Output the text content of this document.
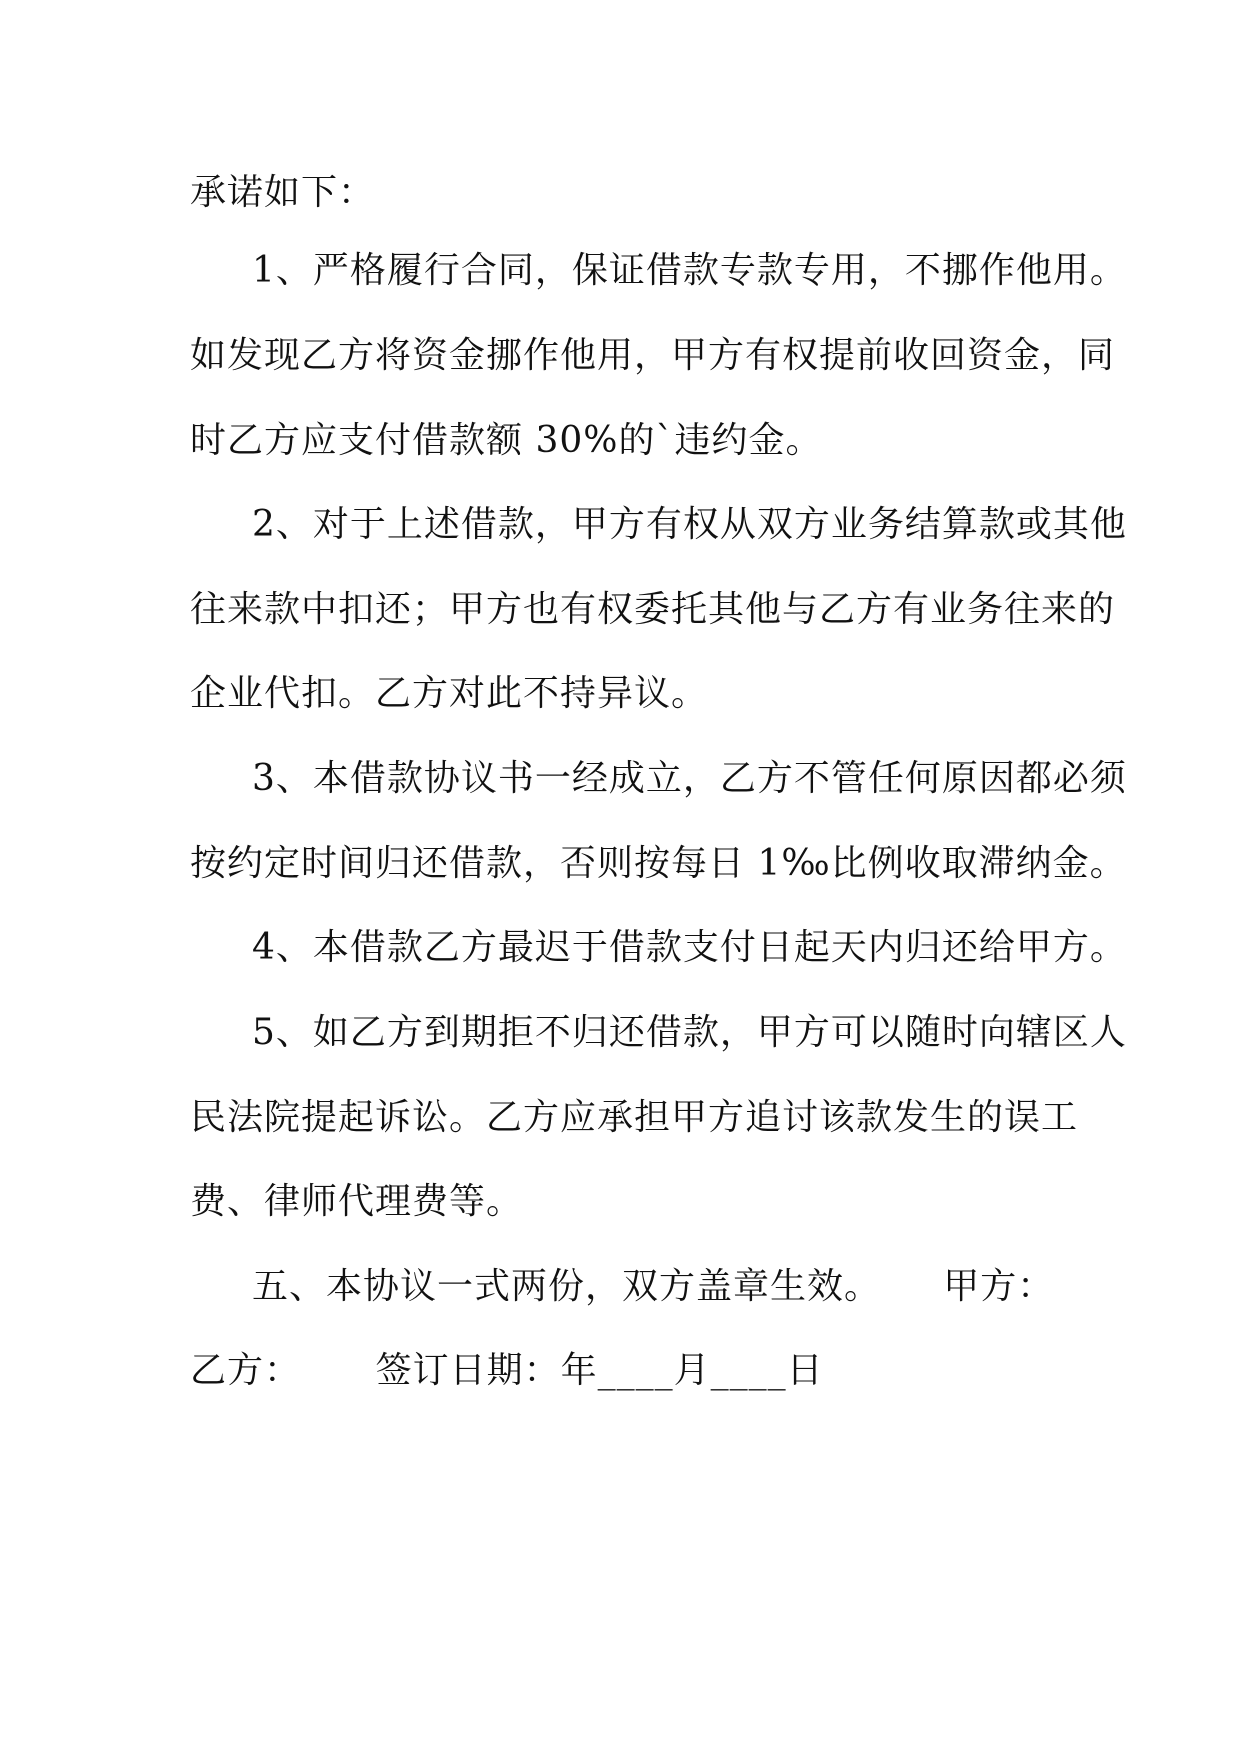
承诺如下：
1、严格履行合同，保证借款专款专用，不挪作他用。
如发现乙方将资金挪作他用，甲方有权提前收回资金，同
时乙方应支付借款额 30%的`违约金。
2、对于上述借款，甲方有权从双方业务结算款或其他
往来款中扣还；甲方也有权委托其他与乙方有业务往来的
企业代扣。乙方对此不持异议。
3、本借款协议书一经成立，乙方不管任何原因都必须
按约定时间归还借款，否则按每日 1‰比例收取滞纳金。
4、本借款乙方最迟于借款支付日起天内归还给甲方。
5、如乙方到期拒不归还借款，甲方可以随时向辖区人
民法院提起诉讼。乙方应承担甲方追讨该款发生的误工
费、律师代理费等。
五、本协议一式两份，双方盖章生效。     甲方：
乙方：      签订日期：年____月____日
